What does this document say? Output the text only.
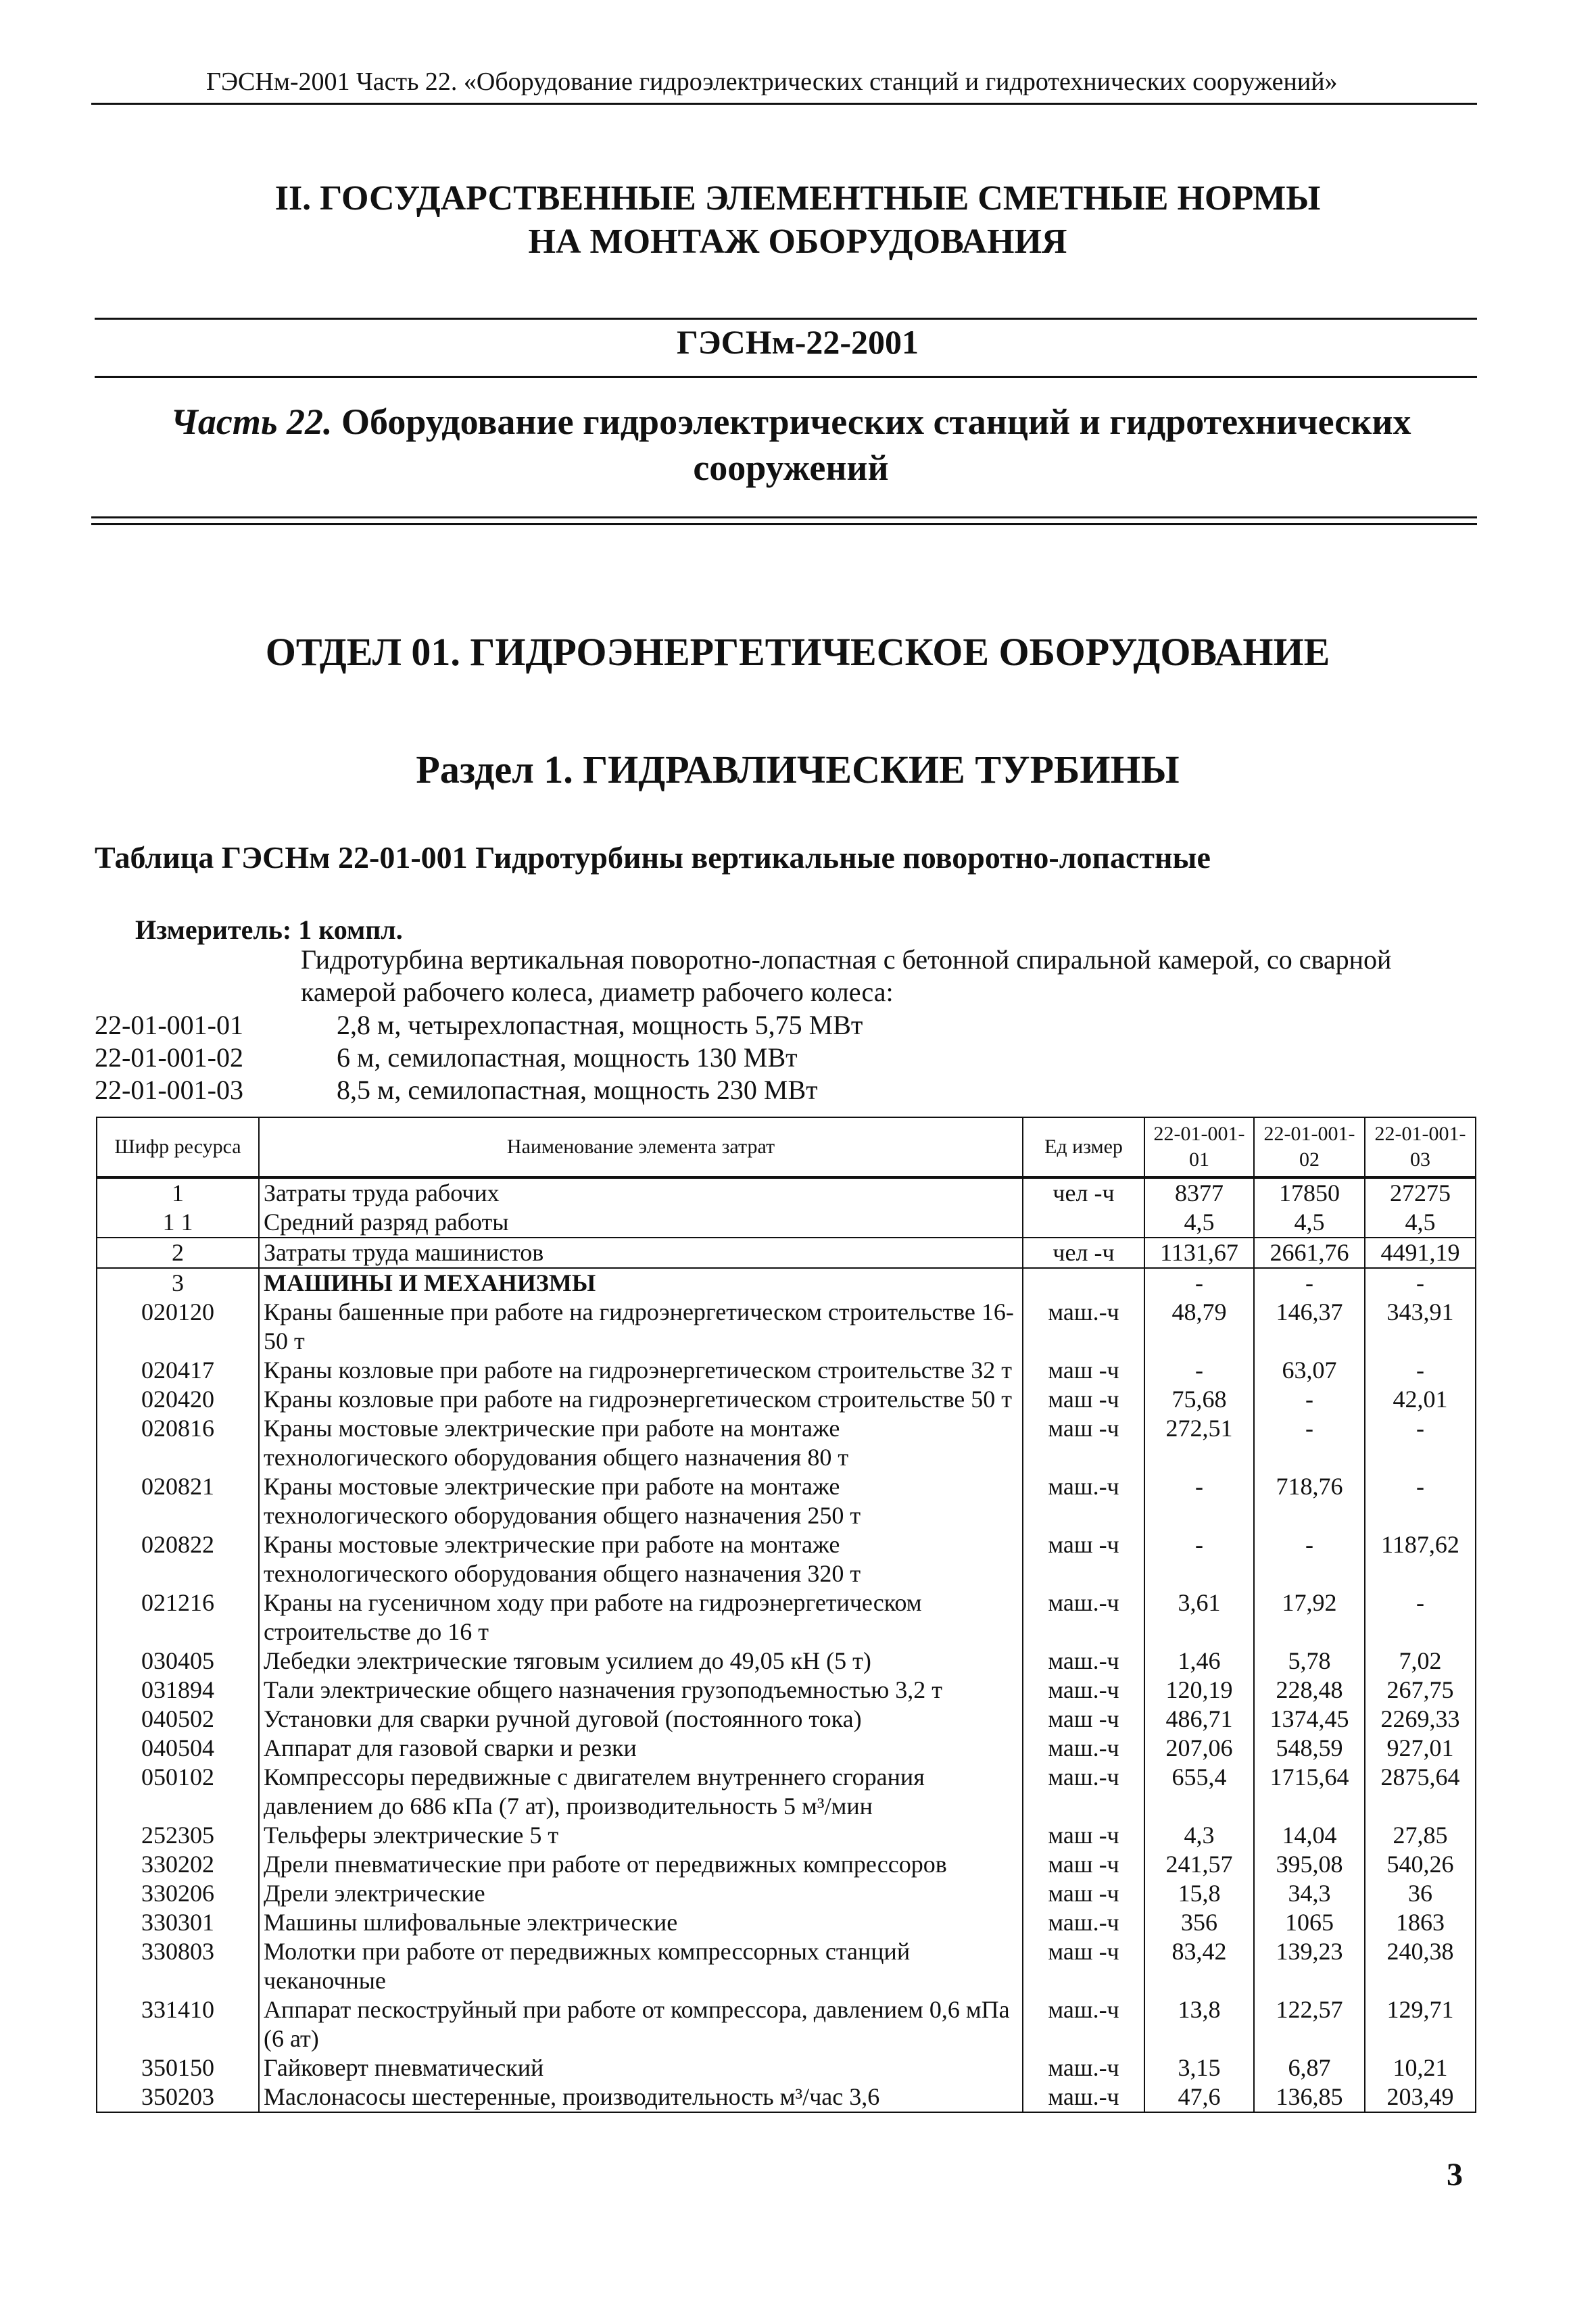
ГЭСНм-2001 Часть 22. «Оборудование гидроэлектрических станций и гидротехнических сооружений»
II. ГОСУДАРСТВЕННЫЕ ЭЛЕМЕНТНЫЕ СМЕТНЫЕ НОРМЫ
НА МОНТАЖ ОБОРУДОВАНИЯ
ГЭСНм-22-2001
Часть 22. Оборудование гидроэлектрических станций и гидротехнических сооружений
ОТДЕЛ 01. ГИДРОЭНЕРГЕТИЧЕСКОЕ ОБОРУДОВАНИЕ
Раздел 1. ГИДРАВЛИЧЕСКИЕ ТУРБИНЫ
Таблица ГЭСНм 22-01-001 Гидротурбины вертикальные поворотно-лопастные
Измеритель: 1 компл.
Гидротурбина вертикальная поворотно-лопастная с бетонной спиральной камерой, со сварной камерой рабочего колеса, диаметр рабочего колеса:
22-01-001-01	2,8 м, четырехлопастная, мощность 5,75 МВт
22-01-001-02	6 м, семилопастная, мощность 130 МВт
22-01-001-03	8,5 м, семилопастная, мощность 230 МВт
Шифр ресурса	Наименование элемента затрат	Ед измер	22-01-001-01	22-01-001-02	22-01-001-03
1	Затраты труда рабочих	чел -ч	8377	17850	27275
1 1	Средний разряд работы		4,5	4,5	4,5
2	Затраты труда машинистов	чел -ч	1131,67	2661,76	4491,19
3	МАШИНЫ И МЕХАНИЗМЫ		-	-	-
020120	Краны башенные при работе на гидроэнергетическом строительстве 16-50 т	маш.-ч	48,79	146,37	343,91
020417	Краны козловые при работе на гидроэнергетическом строительстве 32 т	маш -ч	-	63,07	-
020420	Краны козловые при работе на гидроэнергетическом строительстве 50 т	маш -ч	75,68	-	42,01
020816	Краны мостовые электрические при работе на монтаже технологического оборудования общего назначения 80 т	маш -ч	272,51	-	-
020821	Краны мостовые электрические при работе на монтаже технологического оборудования общего назначения 250 т	маш.-ч	-	718,76	-
020822	Краны мостовые электрические при работе на монтаже технологического оборудования общего назначения 320 т	маш -ч	-	-	1187,62
021216	Краны на гусеничном ходу при работе на гидроэнергетическом строительстве до 16 т	маш.-ч	3,61	17,92	-
030405	Лебедки электрические тяговым усилием до 49,05 кН (5 т)	маш.-ч	1,46	5,78	7,02
031894	Тали электрические общего назначения грузоподъемностью 3,2 т	маш.-ч	120,19	228,48	267,75
040502	Установки для сварки ручной дуговой (постоянного тока)	маш -ч	486,71	1374,45	2269,33
040504	Аппарат для газовой сварки и резки	маш.-ч	207,06	548,59	927,01
050102	Компрессоры передвижные с двигателем внутреннего сгорания давлением до 686 кПа (7 ат), производительность 5 м³/мин	маш.-ч	655,4	1715,64	2875,64
252305	Тельферы электрические 5 т	маш -ч	4,3	14,04	27,85
330202	Дрели пневматические при работе от передвижных компрессоров	маш -ч	241,57	395,08	540,26
330206	Дрели электрические	маш -ч	15,8	34,3	36
330301	Машины шлифовальные электрические	маш.-ч	356	1065	1863
330803	Молотки при работе от передвижных компрессорных станций чеканочные	маш -ч	83,42	139,23	240,38
331410	Аппарат пескоструйный при работе от компрессора, давлением 0,6 мПа (6 ат)	маш.-ч	13,8	122,57	129,71
350150	Гайковерт пневматический	маш.-ч	3,15	6,87	10,21
350203	Маслонасосы шестеренные, производительность м³/час 3,6	маш.-ч	47,6	136,85	203,49
3
